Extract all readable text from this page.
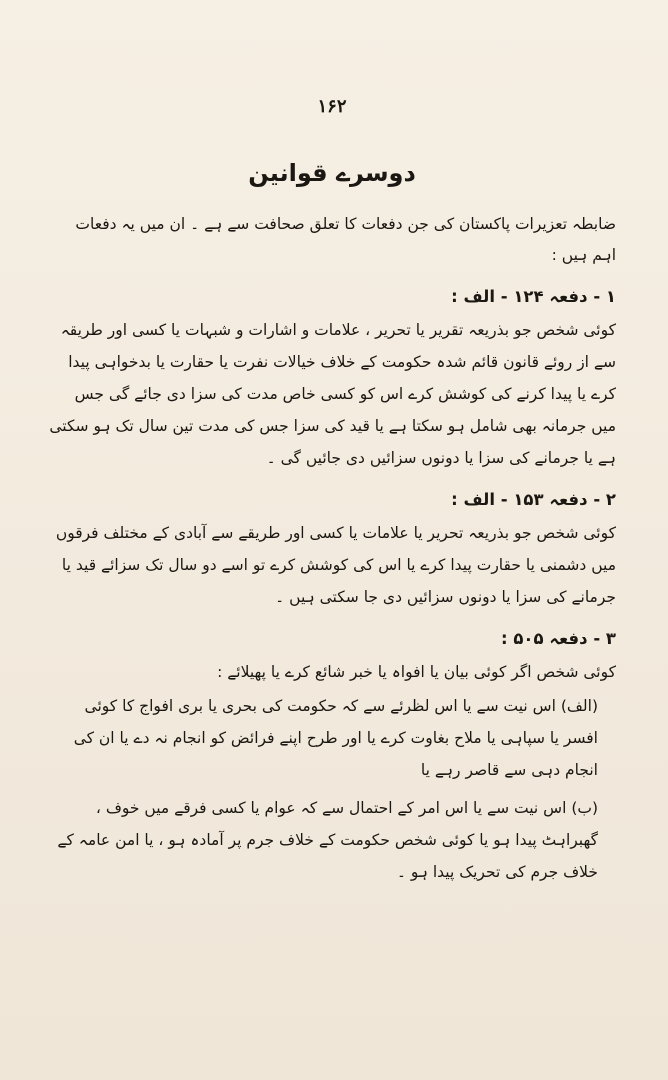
۱۶۲
دوسرے قوانین

ضابطہ تعزیرات پاکستان کی جن دفعات کا تعلق صحافت سے ہے ۔ ان میں یہ دفعات اہم ہیں :

۱ - دفعہ ۱۲۴ - الف :

کوئی شخص جو بذریعہ تقریر یا تحریر ، علامات و اشارات و شبہات یا کسی اور طریقہ سے از روئے قانون قائم شدہ حکومت کے خلاف خیالات نفرت یا حقارت یا بدخواہی پیدا کرے یا پیدا کرنے کی کوشش کرے اس کو کسی خاص مدت کی سزا دی جائے گی جس میں جرمانہ بھی شامل ہو سکتا ہے یا قید کی سزا جس کی مدت تین سال تک ہو سکتی ہے یا جرمانے کی سزا یا دونوں سزائیں دی جائیں گی ۔

۲ - دفعہ ۱۵۳ - الف :

کوئی شخص جو بذریعہ تحریر یا علامات یا کسی اور طریقے سے آبادی کے مختلف فرقوں میں دشمنی یا حقارت پیدا کرے یا اس کی کوشش کرے تو اسے دو سال تک سزائے قید یا جرمانے کی سزا یا دونوں سزائیں دی جا سکتی ہیں ۔

۳ - دفعہ ۵۰۵ :

کوئی شخص اگر کوئی بیان یا افواہ یا خبر شائع کرے یا پھیلائے :

(الف) اس نیت سے یا اس لظرئے سے کہ حکومت کی بحری یا بری افواج کا کوئی افسر یا سپاہی یا ملاح بغاوت کرے یا اور طرح اپنے فرائض کو انجام نہ دے یا ان کی انجام دہی سے قاصر رہے یا

(ب) اس نیت سے یا اس امر کے احتمال سے کہ عوام یا کسی فرقے میں خوف ، گھبراہٹ پیدا ہو یا کوئی شخص حکومت کے خلاف جرم پر آمادہ ہو ، یا امن عامہ کے خلاف جرم کی تحریک پیدا ہو ۔
